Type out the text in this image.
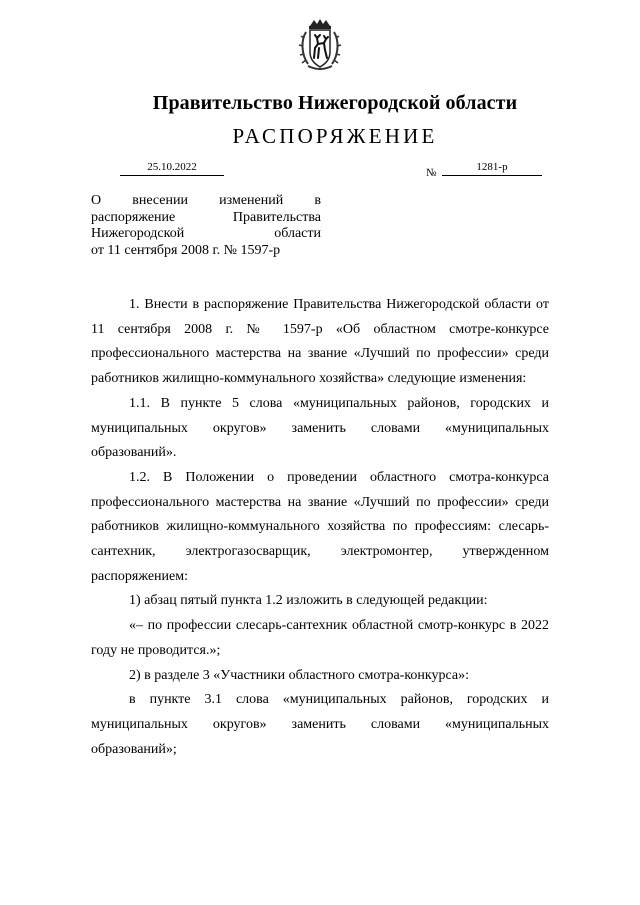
Правительство Нижегородской области
РАСПОРЯЖЕНИЕ
25.10.2022	№	1281-р
О внесении изменений в
распоряжение Правительства
Нижегородской области
от 11 сентября 2008 г. № 1597-р

1. Внести в распоряжение Правительства Нижегородской области от 11 сентября 2008 г. № 1597-р «Об областном смотре-конкурсе профессионального мастерства на звание «Лучший по профессии» среди работников жилищно-коммунального хозяйства» следующие изменения:

1.1. В пункте 5 слова «муниципальных районов, городских и муниципальных округов» заменить словами «муниципальных образований».

1.2. В Положении о проведении областного смотра-конкурса профессионального мастерства на звание «Лучший по профессии» среди работников жилищно-коммунального хозяйства по профессиям: слесарь-сантехник, электрогазосварщик, электромонтер, утвержденном распоряжением:

1) абзац пятый пункта 1.2 изложить в следующей редакции:

«– по профессии слесарь-сантехник областной смотр-конкурс в 2022 году не проводится.»;

2) в разделе 3 «Участники областного смотра-конкурса»:

в пункте 3.1 слова «муниципальных районов, городских и муниципальных округов» заменить словами «муниципальных образований»;
